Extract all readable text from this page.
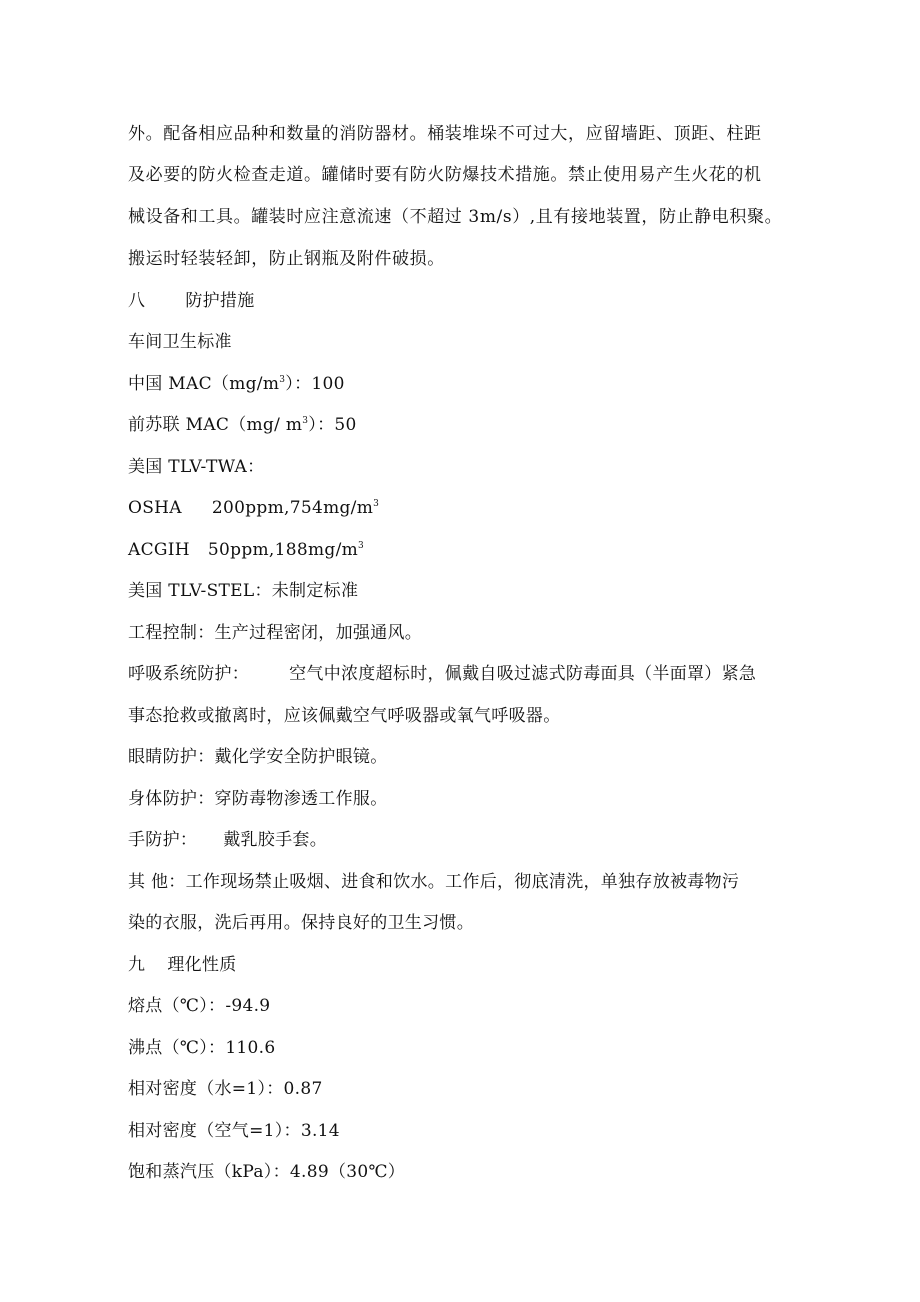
外。配备相应品种和数量的消防器材。桶装堆垛不可过大，应留墙距、顶距、柱距
及必要的防火检查走道。罐储时要有防火防爆技术措施。禁止使用易产生火花的机
械设备和工具。罐装时应注意流速（不超过 3m/s）,且有接地装置，防止静电积聚。
搬运时轻装轻卸，防止钢瓶及附件破损。
八 防护措施
车间卫生标准
中国 $MAC(mg/m^3)$：100
前苏联 MAC（mg/ $m^3$）：50
美国 TLV-TWA：
OSHA $200ppm,754mg/m^3$
ACGIH $50ppm,188mg/m^3$
美国 TLV-STEL：未制定标准
工程控制：生产过程密闭，加强通风。
呼吸系统防护： 空气中浓度超标时，佩戴自吸过滤式防毒面具（半面罩）紧急
事态抢救或撤离时，应该佩戴空气呼吸器或氧气呼吸器。
眼睛防护：戴化学安全防护眼镜。
身体防护：穿防毒物渗透工作服。
手防护： 戴乳胶手套。
其 他：工作现场禁止吸烟、进食和饮水。工作后，彻底清洗，单独存放被毒物污
染的衣服，洗后再用。保持良好的卫生习惯。
九 理化性质
熔点（℃）：-94.9
沸点（℃）：110.6
相对密度（水=1）：0.87
相对密度（空气=1）：3.14
饱和蒸汽压（kPa）：4.89（30℃）
